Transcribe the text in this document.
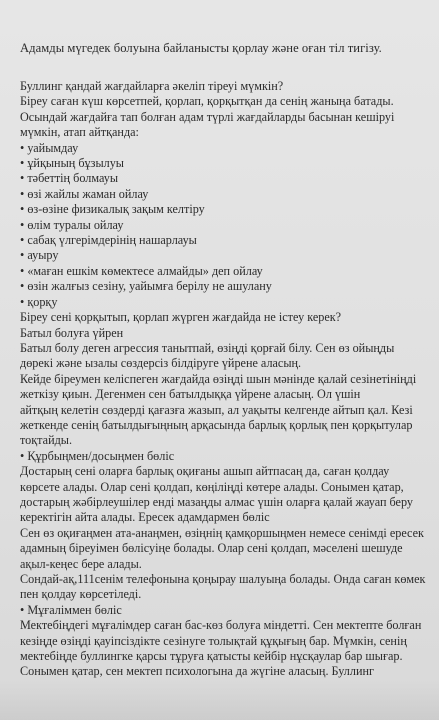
Адамды мүгедек болуына байланысты қорлау және оған тіл тигізу.

Буллинг қандай жағдайларға әкеліп тіреуі мүмкін?
Біреу саған күш көрсетпей, қорлап, қорқытқан да сенің жаныңа батады.
Осындай жағдайға тап болған адам түрлі жағдайларды басынан кешіруі
мүмкін, атап айтқанда:
• уайымдау
• ұйқының бұзылуы
• тәбеттің болмауы
• өзі жайлы жаман ойлау
• өз-өзіне физикалық зақым келтіру
• өлім туралы ойлау
• сабақ үлгерімдерінің нашарлауы
• ауыру
• «маған ешкім көмектесе алмайды» деп ойлау
• өзін жалғыз сезіну, уайымға берілу не ашулану
• қорқу
Біреу сені қорқытып, қорлап жүрген жағдайда не істеу керек?
Батыл болуға үйрен
Батыл болу деген агрессия танытпай, өзіңді қорғай білу. Сен өз ойыңды
дөрекі және ызалы сөздерсіз білдіруге үйрене аласың.
Кейде біреумен келіспеген жағдайда өзіңді шын мәнінде қалай сезінетініңді
жеткізу қиын. Дегенмен сен батылдыққа үйрене аласың. Ол үшін
айтқың келетін сөздерді қағазға жазып, ал уақыты келгенде айтып қал. Кезі
жеткенде сенің батылдығыңның арқасында барлық қорлық пен қорқытулар
тоқтайды.
• Құрбыңмен/досыңмен бөліс
Достарың сені оларға барлық оқиғаны ашып айтпасаң да, саған қолдау
көрсете алады. Олар сені қолдап, көңіліңді көтере алады. Сонымен қатар,
достарың жәбірлеушілер енді мазаңды алмас үшін оларға қалай жауап беру
керектігін айта алады. Ересек адамдармен бөліс
Сен өз оқиғаңмен ата-анаңмен, өзіңнің қамқоршыңмен немесе сенімді ересек
адамның біреуімен бөлісуіңе болады. Олар сені қолдап, мәселені шешуде
ақыл-кеңес бере алады.
Сондай-ақ,111сенім телефонына қоңырау шалуыңа болады. Онда саған көмек
пен қолдау көрсетіледі.
• Мұғаліммен бөліс
Мектебіңдегі мұғалімдер саған бас-көз болуға міндетті. Сен мектепте болған
кезіңде өзіңді қауіпсіздікте сезінуге толықтай құқығың бар. Мүмкін, сенің
мектебіңде буллингке қарсы тұруға қатысты кейбір нұсқаулар бар шығар.
Сонымен қатар, сен мектеп психологына да жүгіне аласың. Буллинг
